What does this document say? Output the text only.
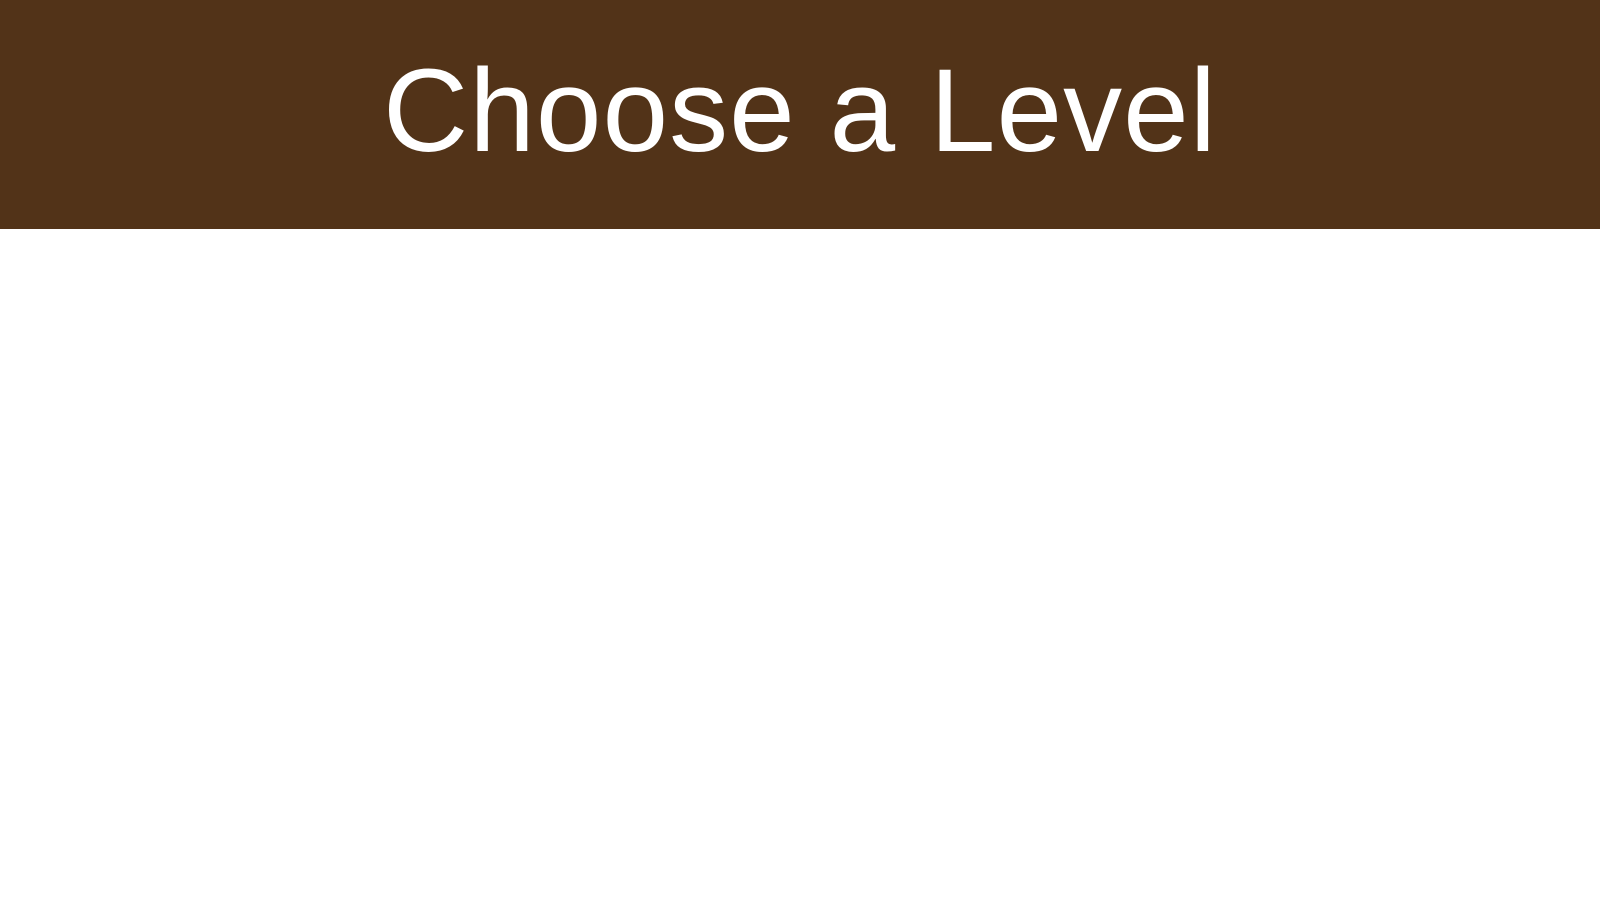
Choose a Level
